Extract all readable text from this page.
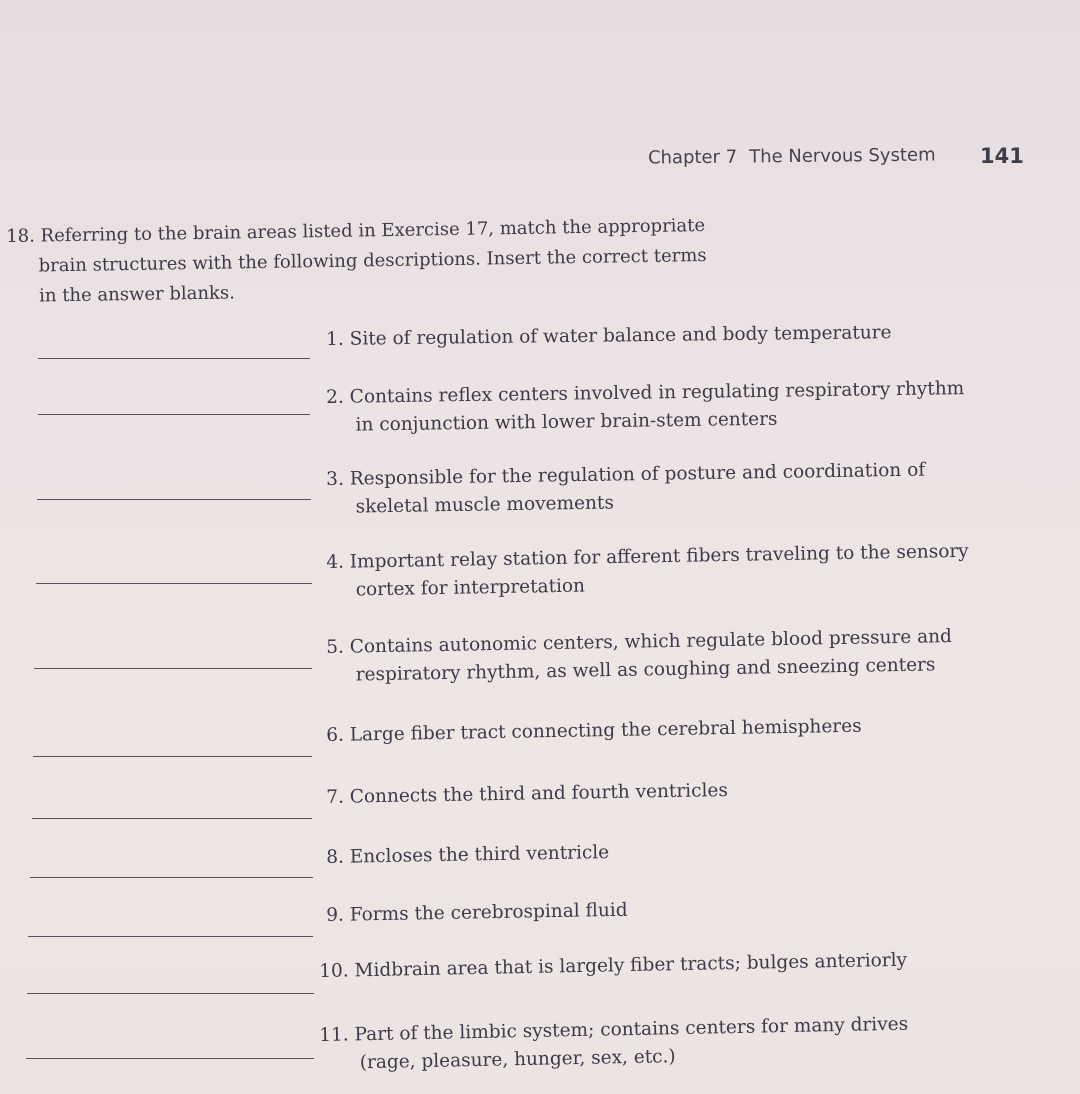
Chapter 7 The Nervous System 141
18. Referring to the brain areas listed in Exercise 17, match the appropriate
brain structures with the following descriptions. Insert the correct terms
in the answer blanks.
1. Site of regulation of water balance and body temperature
2. Contains reflex centers involved in regulating respiratory rhythm
in conjunction with lower brain-stem centers
3. Responsible for the regulation of posture and coordination of
skeletal muscle movements
4. Important relay station for afferent fibers traveling to the sensory
cortex for interpretation
5. Contains autonomic centers, which regulate blood pressure and
respiratory rhythm, as well as coughing and sneezing centers
6. Large fiber tract connecting the cerebral hemispheres
7. Connects the third and fourth ventricles
8. Encloses the third ventricle
9. Forms the cerebrospinal fluid
10. Midbrain area that is largely fiber tracts; bulges anteriorly
11. Part of the limbic system; contains centers for many drives
(rage, pleasure, hunger, sex, etc.)
